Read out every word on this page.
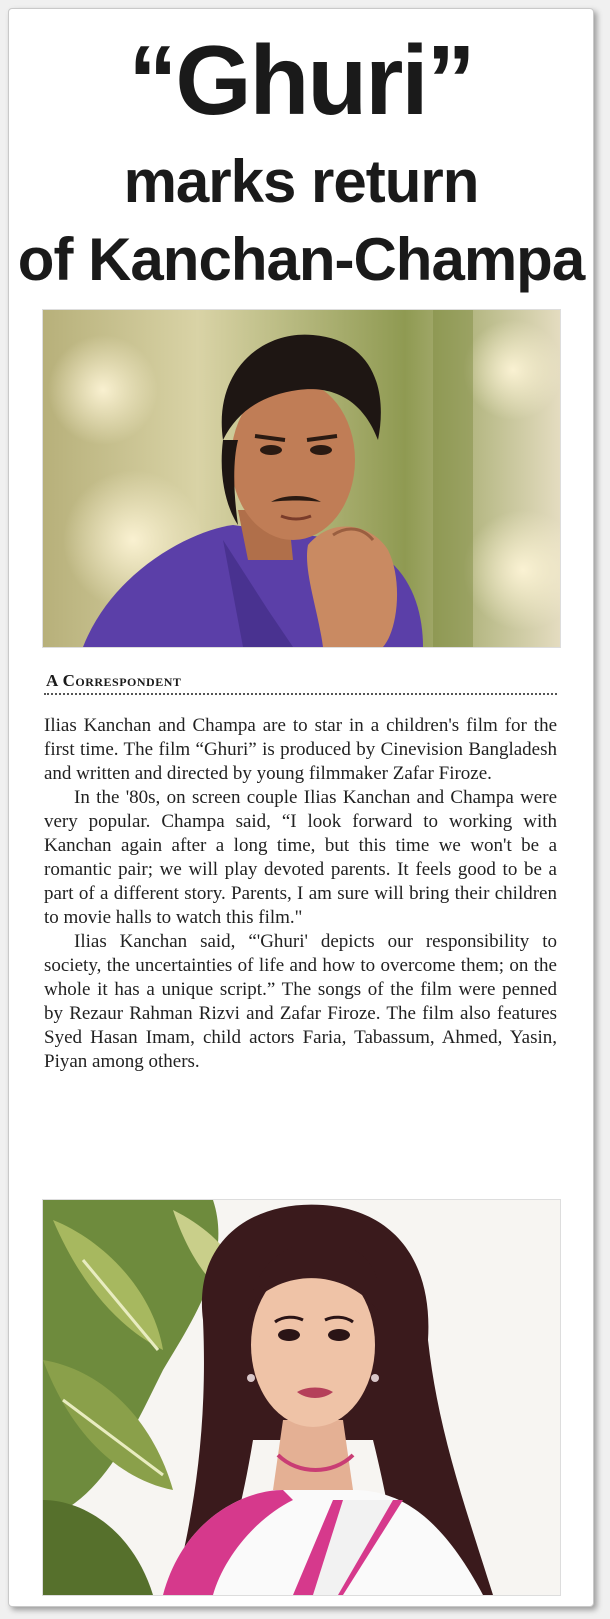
“Ghuri”
marks return
of Kanchan-Champa
A Correspondent

Ilias Kanchan and Champa are to star in a children's film for the first time. The film “Ghuri” is produced by Cinevision Bangladesh and written and directed by young filmmaker Zafar Firoze.

In the '80s, on screen couple Ilias Kanchan and Champa were very popular. Champa said, “I look forward to working with Kanchan again after a long time, but this time we won't be a romantic pair; we will play devoted parents. It feels good to be a part of a different story. Parents, I am sure will bring their children to movie halls to watch this film."

Ilias Kanchan said, “'Ghuri' depicts our responsibility to society, the uncertainties of life and how to overcome them; on the whole it has a unique script.” The songs of the film were penned by Rezaur Rahman Rizvi and Zafar Firoze. The film also features Syed Hasan Imam, child actors Faria, Tabassum, Ahmed, Yasin, Piyan among others.
